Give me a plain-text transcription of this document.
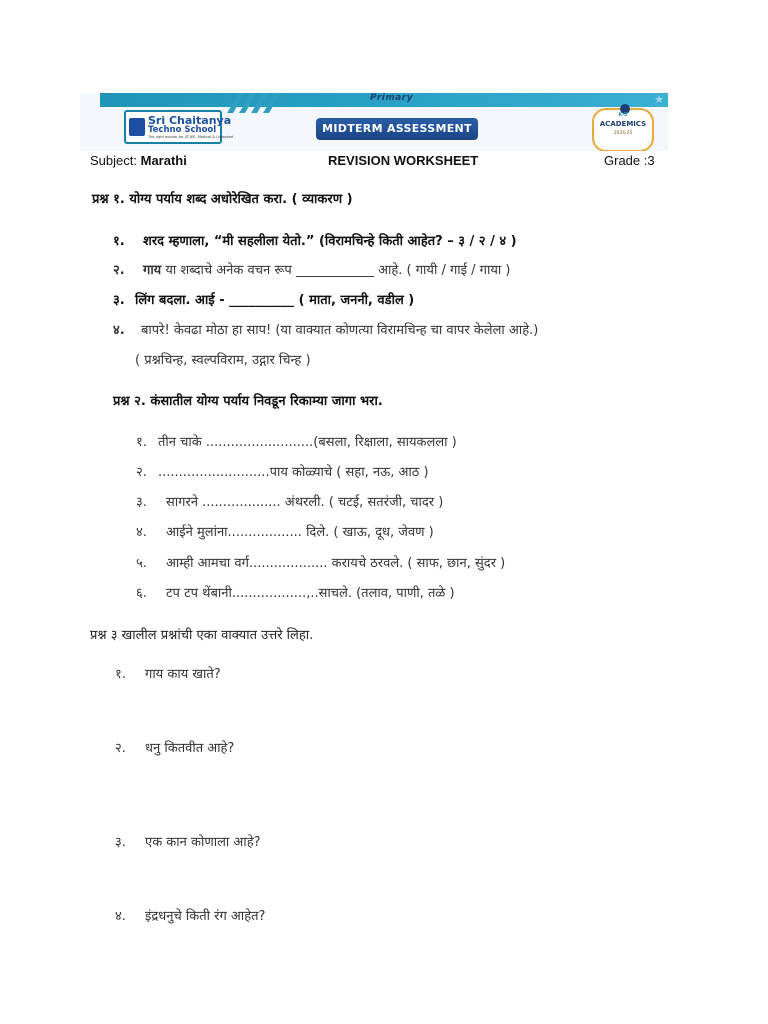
Primary	★
Sri Chaitanya
Techno School
The right mentor for IIT-JEE, Medical & Olympiad
MIDTERM ASSESSMENT
K-5
ACADEMICS
2024-25
Subject: Marathi	REVISION WORKSHEET	Grade :3
प्रश्न १. योग्य पर्याय शब्द अधोरेखित करा. ( व्याकरण )
१. शरद म्हणाला, “मी सहलीला येतो.” (विरामचिन्हे किती आहेत? – ३ / २ / ४ )
२. गाय या शब्दाचे अनेक वचन रूप ____________ आहे. ( गायी / गाई / गाया )
३. लिंग बदला. आई - __________ ( माता, जननी, वडील )
४. बापरे! केवढा मोठा हा साप! (या वाक्यात कोणत्या विरामचिन्ह चा वापर केलेला आहे.)
( प्रश्नचिन्ह, स्वल्पविराम, उद्गार चिन्ह )
प्रश्न २. कंसातील योग्य पर्याय निवडून रिकाम्या जागा भरा.
१. तीन चाके ..........................(बसला, रिक्षाला, सायकलला )
२. ...........................पाय कोळ्याचे ( सहा, नऊ, आठ )
३. सागरने ................... अंथरली. ( चटई, सतरंजी, चादर )
४. आईने मुलांना.................. दिले. ( खाऊ, दूध, जेवण )
५. आम्ही आमचा वर्ग................... करायचे ठरवले. ( साफ, छान, सुंदर )
६. टप टप थेंबानी..................,..साचले. (तलाव, पाणी, तळे )
प्रश्न ३ खालील प्रश्नांची एका वाक्यात उत्तरे लिहा.
१. गाय काय खाते?
२. धनु कितवीत आहे?
३. एक कान कोणाला आहे?
४. इंद्रधनुचे किती रंग आहेत?
